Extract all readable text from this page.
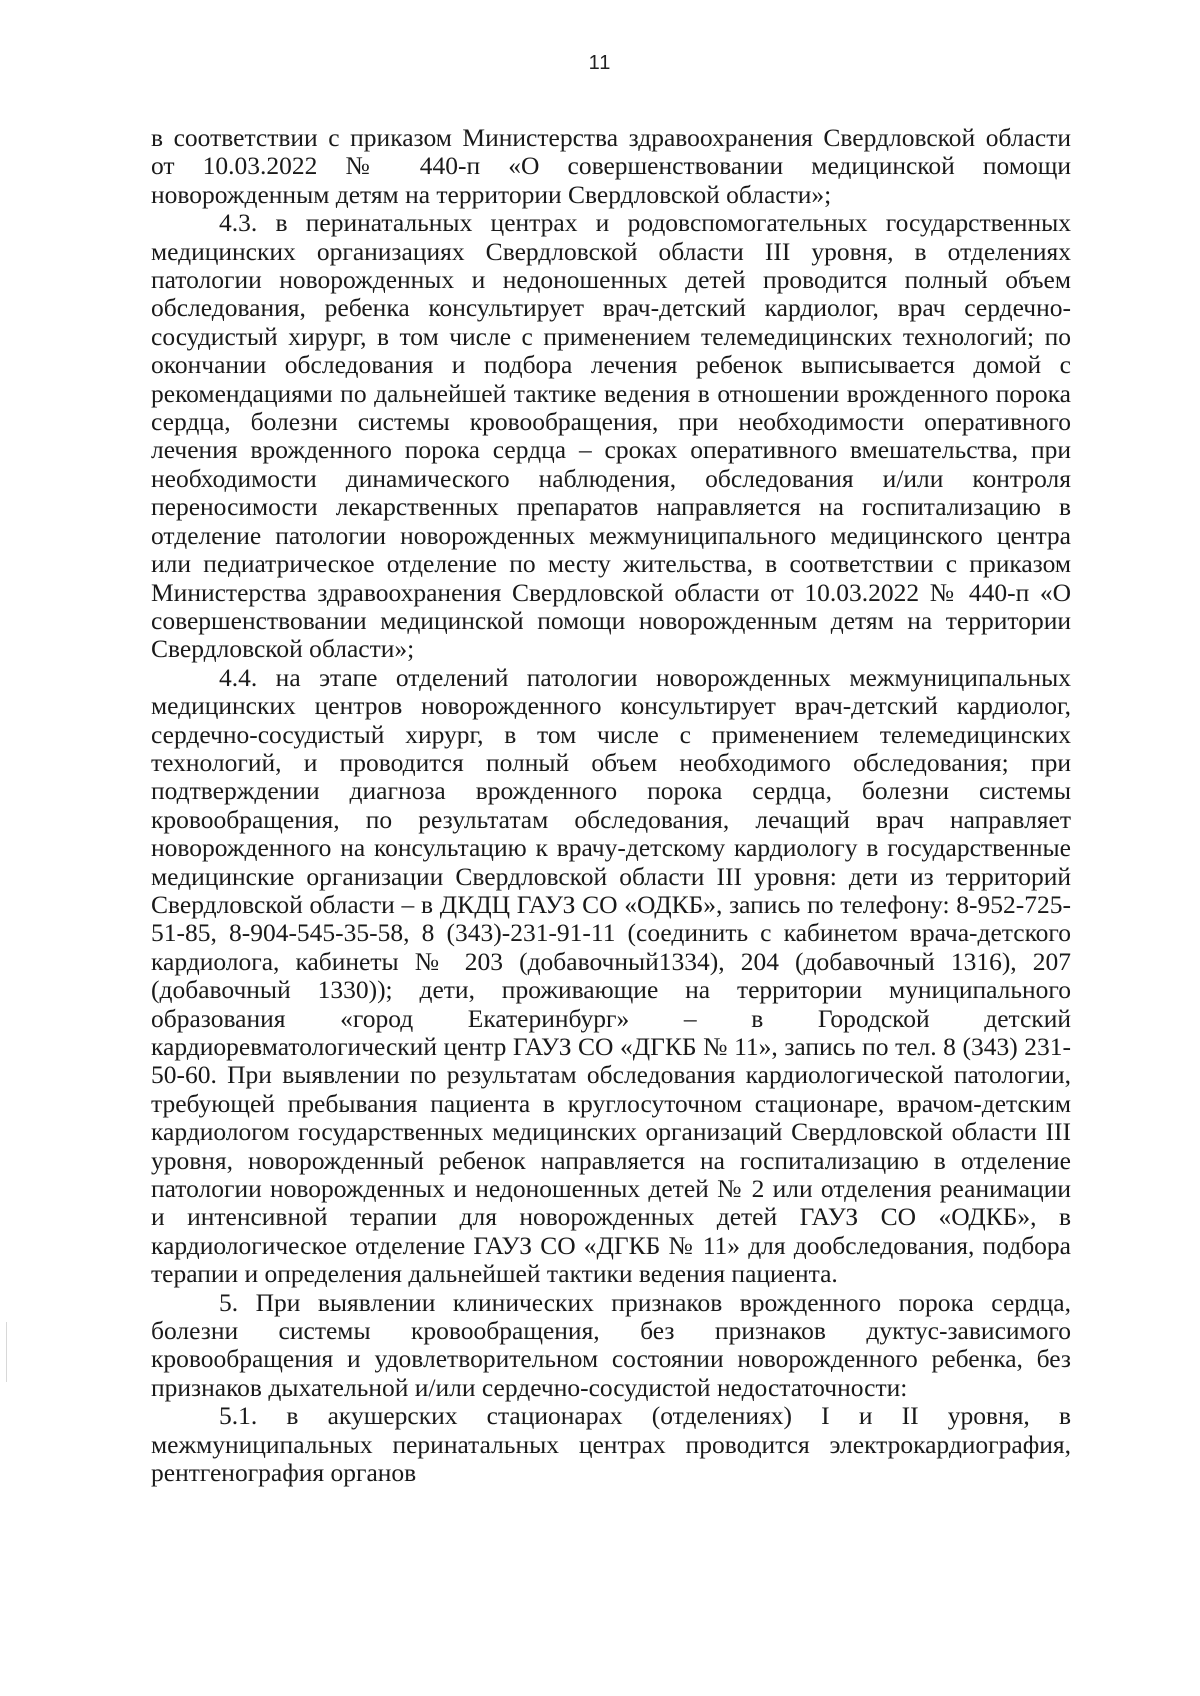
11

в соответствии с приказом Министерства здравоохранения Свердловской области от 10.03.2022 № 440-п «О совершенствовании медицинской помощи новорожденным детям на территории Свердловской области»;

4.3. в перинатальных центрах и родовспомогательных государственных медицинских организациях Свердловской области III уровня, в отделениях патологии новорожденных и недоношенных детей проводится полный объем обследования, ребенка консультирует врач-детский кардиолог, врач сердечно-сосудистый хирург, в том числе с применением телемедицинских технологий; по окончании обследования и подбора лечения ребенок выписывается домой с рекомендациями по дальнейшей тактике ведения в отношении врожденного порока сердца, болезни системы кровообращения, при необходимости оперативного лечения врожденного порока сердца – сроках оперативного вмешательства, при необходимости динамического наблюдения, обследования и/или контроля переносимости лекарственных препаратов направляется на госпитализацию в отделение патологии новорожденных межмуниципального медицинского центра или педиатрическое отделение по месту жительства, в соответствии с приказом Министерства здравоохранения Свердловской области от 10.03.2022 № 440-п «О совершенствовании медицинской помощи новорожденным детям на территории Свердловской области»;

4.4. на этапе отделений патологии новорожденных межмуниципальных медицинских центров новорожденного консультирует врач-детский кардиолог, сердечно-сосудистый хирург, в том числе с применением телемедицинских технологий, и проводится полный объем необходимого обследования; при подтверждении диагноза врожденного порока сердца, болезни системы кровообращения, по результатам обследования, лечащий врач направляет новорожденного на консультацию к врачу-детскому кардиологу в государственные медицинские организации Свердловской области III уровня: дети из территорий Свердловской области – в ДКДЦ ГАУЗ СО «ОДКБ», запись по телефону: 8-952-725-51-85, 8-904-545-35-58, 8 (343)-231-91-11 (соединить с кабинетом врача-детского кардиолога, кабинеты № 203 (добавочный1334), 204 (добавочный 1316), 207 (добавочный 1330)); дети, проживающие на территории муниципального образования «город Екатеринбург» – в Городской детский кардиоревматологический центр ГАУЗ СО «ДГКБ № 11», запись по тел. 8 (343) 231-50-60. При выявлении по результатам обследования кардиологической патологии, требующей пребывания пациента в круглосуточном стационаре, врачом-детским кардиологом государственных медицинских организаций Свердловской области III уровня, новорожденный ребенок направляется на госпитализацию в отделение патологии новорожденных и недоношенных детей № 2 или отделения реанимации и интенсивной терапии для новорожденных детей ГАУЗ СО «ОДКБ», в кардиологическое отделение ГАУЗ СО «ДГКБ № 11» для дообследования, подбора терапии и определения дальнейшей тактики ведения пациента.

5. При выявлении клинических признаков врожденного порока сердца, болезни системы кровообращения, без признаков дуктус-зависимого кровообращения и удовлетворительном состоянии новорожденного ребенка, без признаков дыхательной и/или сердечно-сосудистой недостаточности:

5.1. в акушерских стационарах (отделениях) I и II уровня, в межмуниципальных перинатальных центрах проводится электрокардиография, рентгенография органов
